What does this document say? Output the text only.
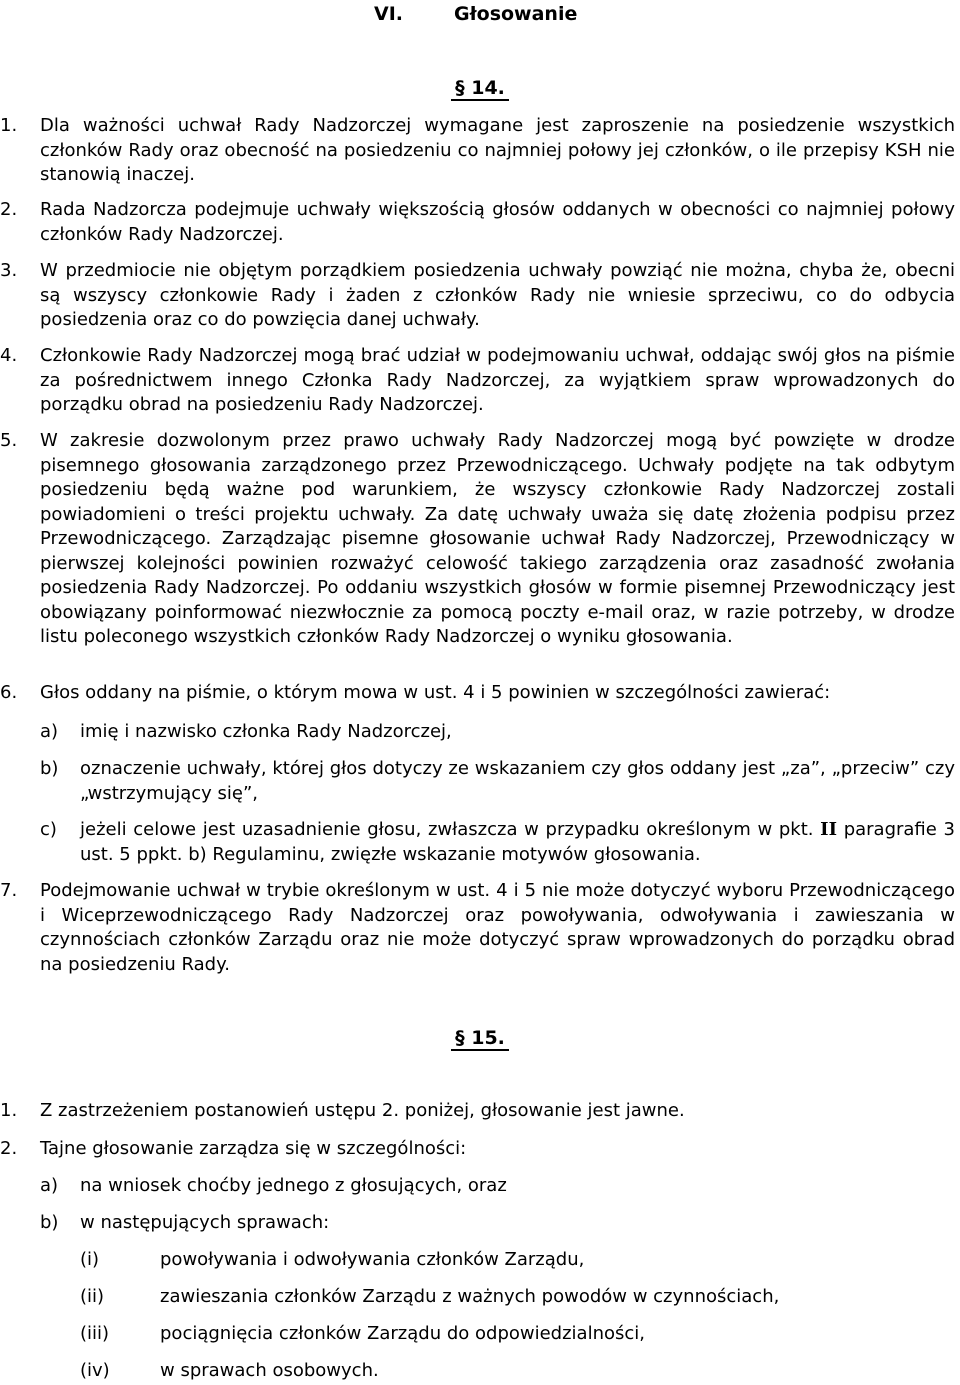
VI.	Głosowanie
§ 14.
1. Dla ważności uchwał Rady Nadzorczej wymagane jest zaproszenie na posiedzenie wszystkich członków Rady oraz obecność na posiedzeniu co najmniej połowy jej członków, o ile przepisy KSH nie stanowią inaczej.
2. Rada Nadzorcza podejmuje uchwały większością głosów oddanych w obecności co najmniej połowy członków Rady Nadzorczej.
3. W przedmiocie nie objętym porządkiem posiedzenia uchwały powziąć nie można, chyba że, obecni są wszyscy członkowie Rady i żaden z członków Rady nie wniesie sprzeciwu, co do odbycia posiedzenia oraz co do powzięcia danej uchwały.
4. Członkowie Rady Nadzorczej mogą brać udział w podejmowaniu uchwał, oddając swój głos na piśmie za pośrednictwem innego Członka Rady Nadzorczej, za wyjątkiem spraw wprowadzonych do porządku obrad na posiedzeniu Rady Nadzorczej.
5. W zakresie dozwolonym przez prawo uchwały Rady Nadzorczej mogą być powzięte w drodze pisemnego głosowania zarządzonego przez Przewodniczącego. Uchwały podjęte na tak odbytym posiedzeniu będą ważne pod warunkiem, że wszyscy członkowie Rady Nadzorczej zostali powiadomieni o treści projektu uchwały. Za datę uchwały uważa się datę złożenia podpisu przez Przewodniczącego. Zarządzając pisemne głosowanie uchwał Rady Nadzorczej, Przewodniczący w pierwszej kolejności powinien rozważyć celowość takiego zarządzenia oraz zasadność zwołania posiedzenia Rady Nadzorczej. Po oddaniu wszystkich głosów w formie pisemnej Przewodniczący jest obowiązany poinformować niezwłocznie za pomocą poczty e-mail oraz, w razie potrzeby, w drodze listu poleconego wszystkich członków Rady Nadzorczej o wyniku głosowania.
6. Głos oddany na piśmie, o którym mowa w ust. 4 i 5 powinien w szczególności zawierać:
a) imię i nazwisko członka Rady Nadzorczej,
b) oznaczenie uchwały, której głos dotyczy ze wskazaniem czy głos oddany jest „za”, „przeciw” czy „wstrzymujący się”,
c) jeżeli celowe jest uzasadnienie głosu, zwłaszcza w przypadku określonym w pkt. II paragrafie 3 ust. 5 ppkt. b) Regulaminu, zwięzłe wskazanie motywów głosowania.
7. Podejmowanie uchwał w trybie określonym w ust. 4 i 5 nie może dotyczyć wyboru Przewodniczącego i Wiceprzewodniczącego Rady Nadzorczej oraz powoływania, odwoływania i zawieszania w czynnościach członków Zarządu oraz nie może dotyczyć spraw wprowadzonych do porządku obrad na posiedzeniu Rady.
§ 15.
1. Z zastrzeżeniem postanowień ustępu 2. poniżej, głosowanie jest jawne.
2. Tajne głosowanie zarządza się w szczególności:
a) na wniosek choćby jednego z głosujących, oraz
b) w następujących sprawach:
(i)	powoływania i odwoływania członków Zarządu,
(ii)	zawieszania członków Zarządu z ważnych powodów w czynnościach,
(iii)	pociągnięcia członków Zarządu do odpowiedzialności,
(iv)	w sprawach osobowych.
